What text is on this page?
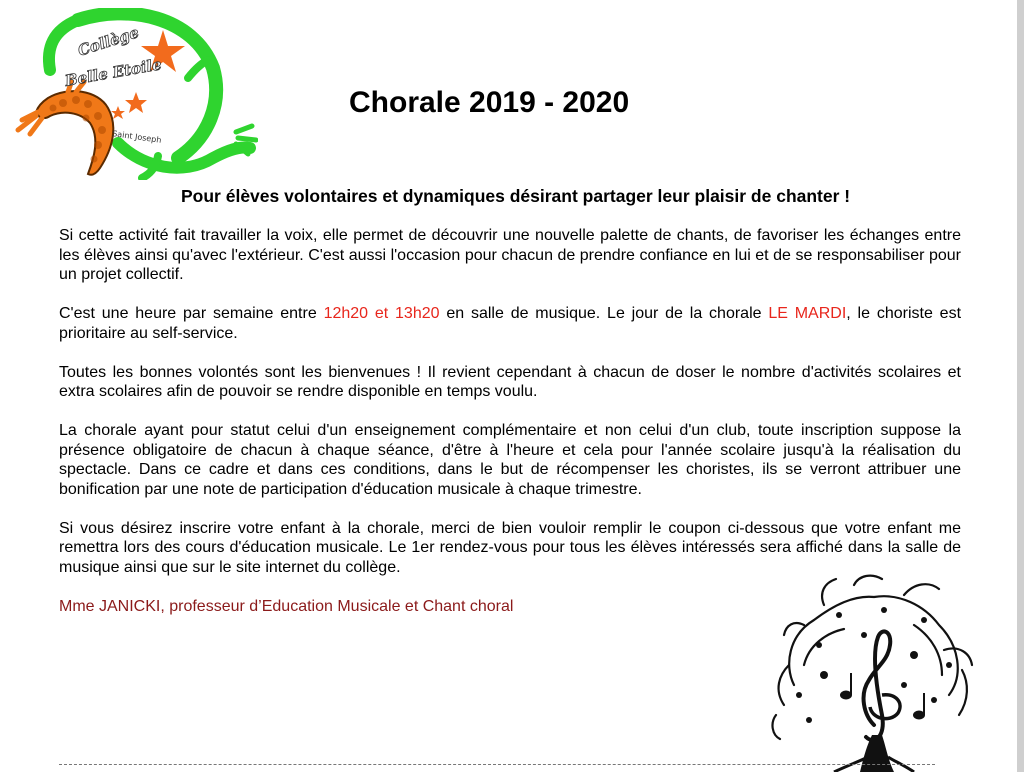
Collège
Belle Etoile
Saint Joseph
Chorale 2019 - 2020
Pour élèves volontaires et dynamiques désirant partager leur plaisir de chanter !

Si cette activité fait travailler la voix, elle permet de découvrir une nouvelle palette de chants, de favoriser les échanges entre les élèves ainsi qu'avec l'extérieur. C'est aussi l'occasion pour chacun de prendre confiance en lui et de se responsabiliser pour un projet collectif.

C'est une heure par semaine entre 12h20 et 13h20 en salle de musique. Le jour de la chorale LE MARDI, le choriste est prioritaire au self-service.

Toutes les bonnes volontés sont les bienvenues ! Il revient cependant à chacun de doser le nombre d'activités scolaires et extra scolaires afin de pouvoir se rendre disponible en temps voulu.

La chorale ayant pour statut celui d'un enseignement complémentaire et non celui d'un club, toute inscription suppose la présence obligatoire de chacun à chaque séance, d'être à l'heure et cela pour l'année scolaire jusqu'à la réalisation du spectacle. Dans ce cadre et dans ces conditions, dans le but de récompenser les choristes, ils se verront attribuer une bonification par une note de participation d'éducation musicale à chaque trimestre.

Si vous désirez inscrire votre enfant à la chorale, merci de bien vouloir remplir le coupon ci-dessous que votre enfant me remettra lors des cours d'éducation musicale. Le 1er rendez-vous pour tous les élèves intéressés sera affiché dans la salle de musique ainsi que sur le site internet du collège.

Mme JANICKI, professeur d’Education Musicale et Chant choral
